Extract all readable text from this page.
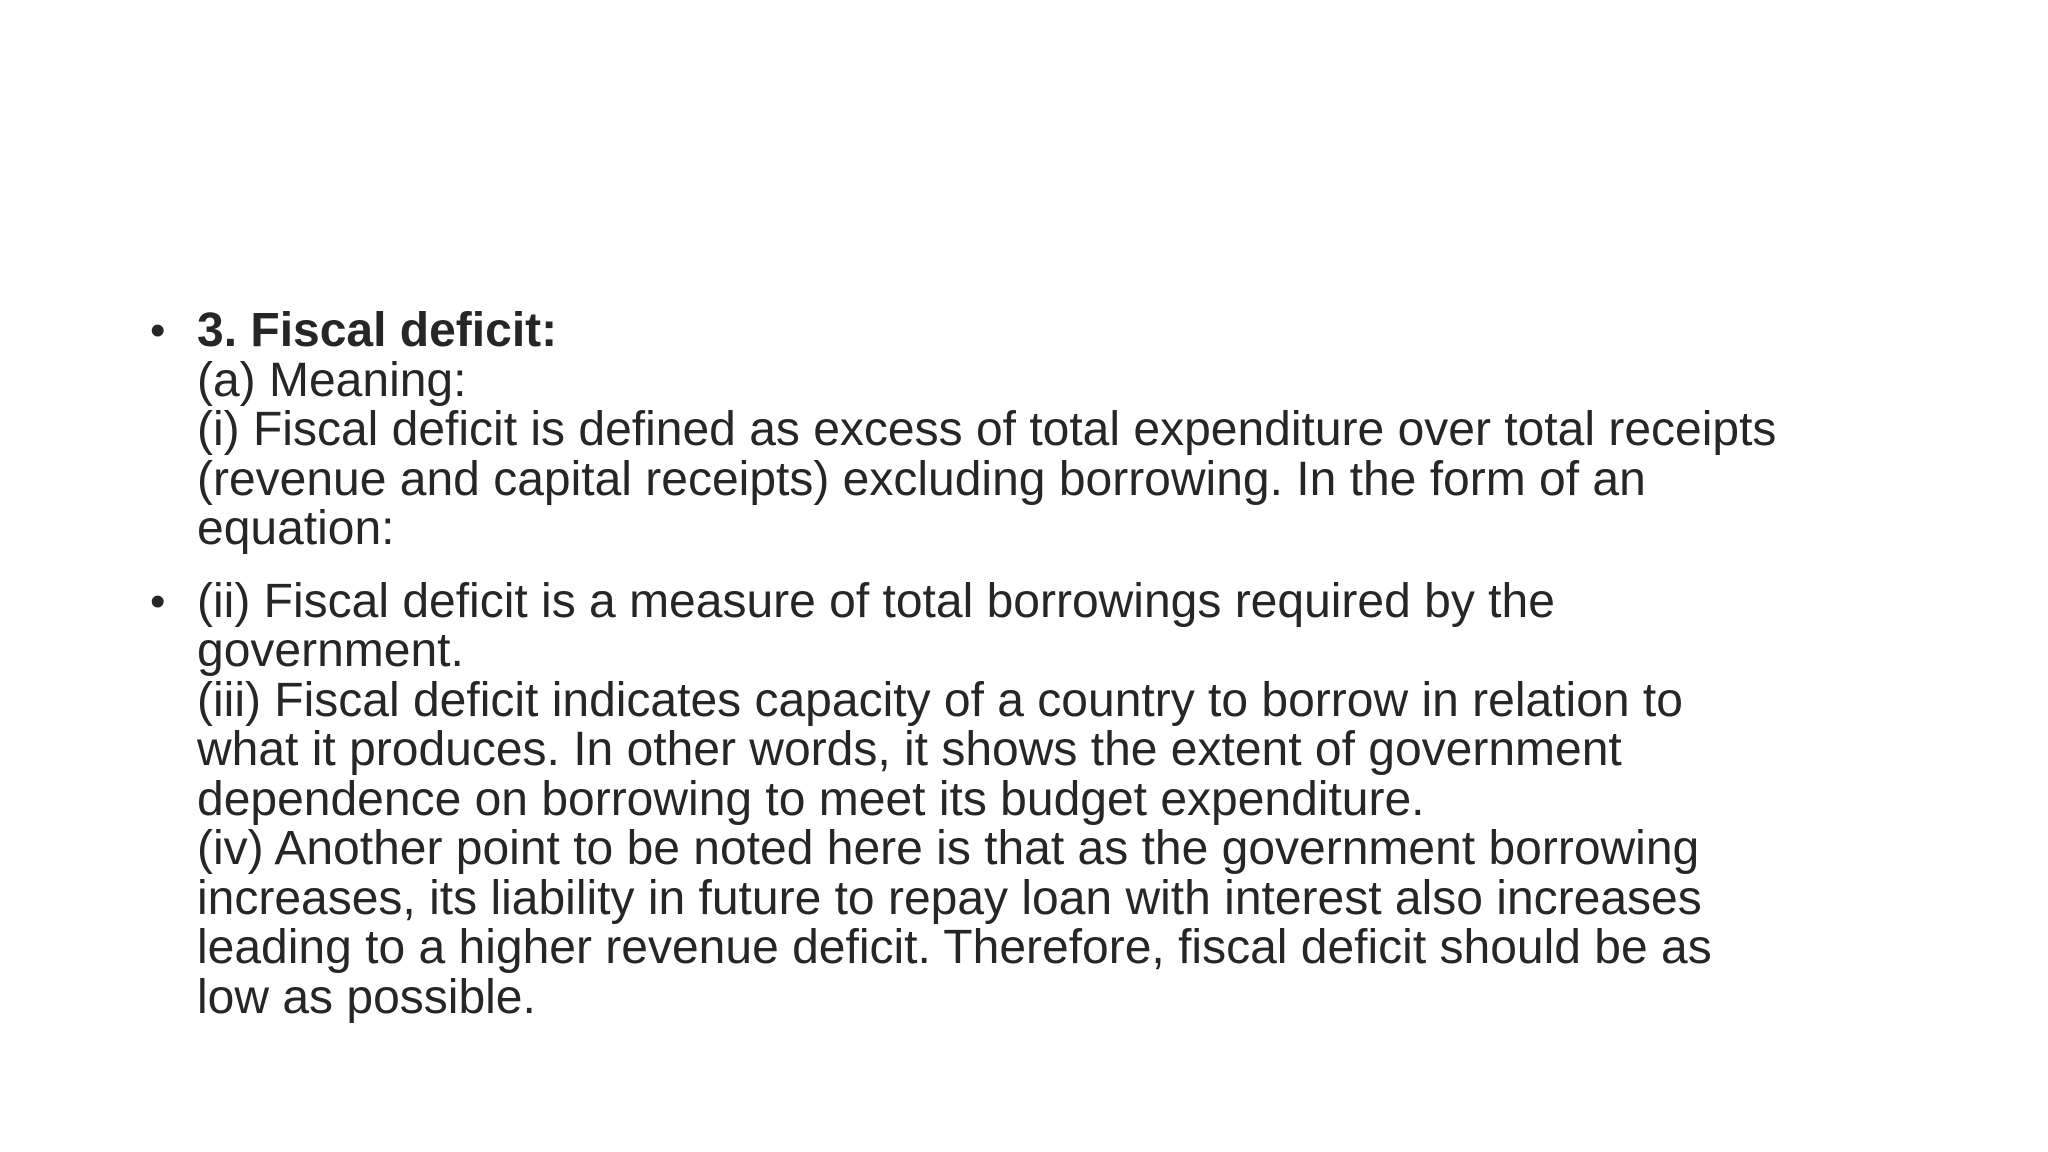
• 3. Fiscal deficit:
(a) Meaning:
(i) Fiscal deficit is defined as excess of total expenditure over total receipts
(revenue and capital receipts) excluding borrowing. In the form of an
equation:
• (ii) Fiscal deficit is a measure of total borrowings required by the
government.
(iii) Fiscal deficit indicates capacity of a country to borrow in relation to
what it produces. In other words, it shows the extent of government
dependence on borrowing to meet its budget expenditure.
(iv) Another point to be noted here is that as the government borrowing
increases, its liability in future to repay loan with interest also increases
leading to a higher revenue deficit. Therefore, fiscal deficit should be as
low as possible.
